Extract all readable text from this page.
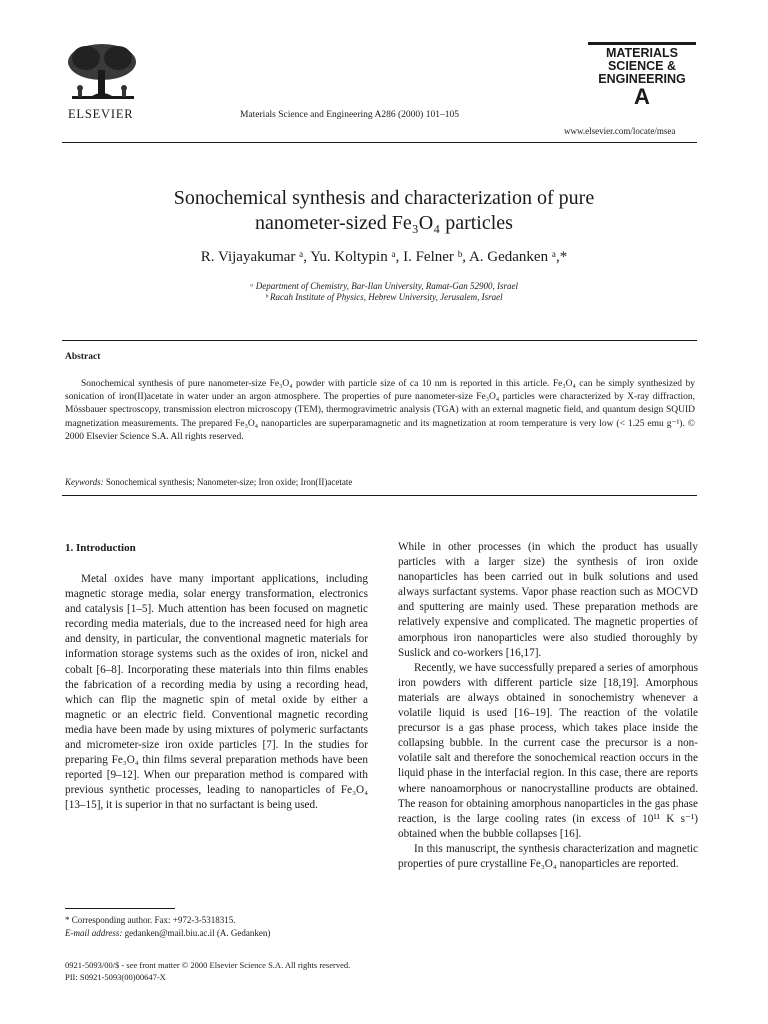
ELSEVIER	Materials Science and Engineering A286 (2000) 101–105
MATERIALS
SCIENCE &
ENGINEERING
A
www.elsevier.com/locate/msea
Sonochemical synthesis and characterization of pure
nanometer-sized Fe₃O₄ particles
R. Vijayakumar ᵃ, Yu. Koltypin ᵃ, I. Felner ᵇ, A. Gedanken ᵃ,*
ᵃ Department of Chemistry, Bar-Ilan University, Ramat-Gan 52900, Israel
ᵇ Racah Institute of Physics, Hebrew University, Jerusalem, Israel
Abstract
Sonochemical synthesis of pure nanometer-size Fe₃O₄ powder with particle size of ca 10 nm is reported in this article. Fe₃O₄ can be simply synthesized by sonication of iron(II)acetate in water under an argon atmosphere. The properties of pure nanometer-size Fe₃O₄ particles were characterized by X-ray diffraction, Mössbauer spectroscopy, transmission electron microscopy (TEM), thermogravimetric analysis (TGA) with an external magnetic field, and quantum design SQUID magnetization measurements. The prepared Fe₃O₄ nanoparticles are superparamagnetic and its magnetization at room temperature is very low (< 1.25 emu g⁻¹). © 2000 Elsevier Science S.A. All rights reserved.
Keywords: Sonochemical synthesis; Nanometer-size; Iron oxide; Iron(II)acetate
1. Introduction

Metal oxides have many important applications, including magnetic storage media, solar energy transformation, electronics and catalysis [1–5]. Much attention has been focused on magnetic recording media materials, due to the increased need for high area and density, in particular, the conventional magnetic materials for information storage systems such as the oxides of iron, nickel and cobalt [6–8]. Incorporating these materials into thin films enables the fabrication of a recording media by using a recording head, which can flip the magnetic spin of metal oxide by either a magnetic or an electric field. Conventional magnetic recording media have been made by using mixtures of polymeric surfactants and micrometer-size iron oxide particles [7]. In the studies for preparing Fe₃O₄ thin films several preparation methods have been reported [9–12]. When our preparation method is compared with previous synthetic processes, leading to nanoparticles of Fe₃O₄ [13–15], it is superior in that no surfactant is being used.

While in other processes (in which the product has usually particles with a larger size) the synthesis of iron oxide nanoparticles has been carried out in bulk solutions and used always surfactant systems. Vapor phase reaction such as MOCVD and sputtering are mainly used. These preparation methods are relatively expensive and complicated. The magnetic properties of amorphous iron nanoparticles were also studied thoroughly by Suslick and co-workers [16,17].

Recently, we have successfully prepared a series of amorphous iron powders with different particle size [18,19]. Amorphous materials are always obtained in sonochemistry whenever a volatile liquid is used [16–19]. The reaction of the volatile precursor is a gas phase process, which takes place inside the collapsing bubble. In the current case the precursor is a non-volatile salt and therefore the sonochemical reaction occurs in the liquid phase in the interfacial region. In this case, there are reports where nanoamorphous or nanocrystalline products are obtained. The reason for obtaining amorphous nanoparticles in the gas phase reaction, is the large cooling rates (in excess of 10¹¹ K s⁻¹) obtained when the bubble collapses [16].

In this manuscript, the synthesis characterization and magnetic properties of pure crystalline Fe₃O₄ nanoparticles are reported.

* Corresponding author. Fax: +972-3-5318315.
E-mail address: gedanken@mail.biu.ac.il (A. Gedanken)
0921-5093/00/$ - see front matter © 2000 Elsevier Science S.A. All rights reserved.
PII: S0921-5093(00)00647-X
